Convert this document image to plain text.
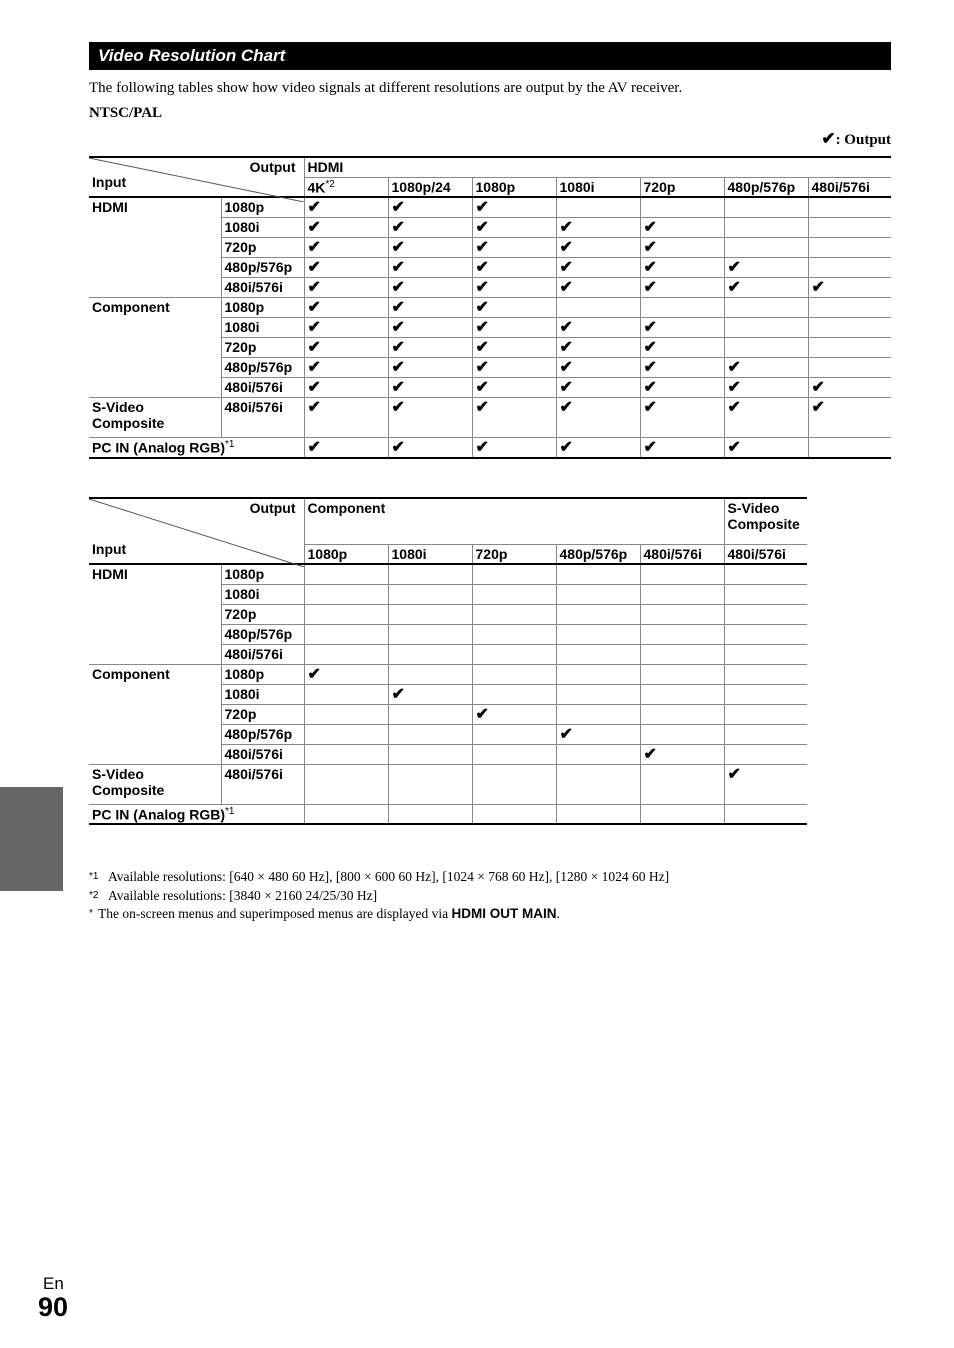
Video Resolution Chart
The following tables show how video signals at different resolutions are output by the AV receiver.
NTSC/PAL
✔: Output
Output
Input		HDMI						
		4K$^{*2}$	1080p/24	1080p	1080i	720p	480p/576p	480i/576i
HDMI	1080p	✔	✔	✔				
	1080i	✔	✔	✔	✔	✔		
	720p	✔	✔	✔	✔	✔		
	480p/576p	✔	✔	✔	✔	✔	✔	
	480i/576i	✔	✔	✔	✔	✔	✔	✔
Component	1080p	✔	✔	✔				
	1080i	✔	✔	✔	✔	✔		
	720p	✔	✔	✔	✔	✔		
	480p/576p	✔	✔	✔	✔	✔	✔	
	480i/576i	✔	✔	✔	✔	✔	✔	✔
S-Video
Composite	480i/576i	✔	✔	✔	✔	✔	✔	✔
PC IN (Analog RGB)$^{*1}$		✔	✔	✔	✔	✔	✔	
Output
Input		Component					S-Video
Composite
		1080p	1080i	720p	480p/576p	480i/576i	480i/576i
HDMI	1080p						
	1080i						
	720p						
	480p/576p						
	480i/576i						
Component	1080p	✔					
	1080i		✔				
	720p			✔			
	480p/576p				✔		
	480i/576i					✔	
S-Video
Composite	480i/576i						✔
PC IN (Analog RGB)$^{*1}$						
*1 Available resolutions: [640 × 480 60 Hz], [800 × 600 60 Hz], [1024 × 768 60 Hz], [1280 × 1024 60 Hz]
*2 Available resolutions: [3840 × 2160 24/25/30 Hz]
* The on-screen menus and superimposed menus are displayed via HDMI OUT MAIN.
En
90
